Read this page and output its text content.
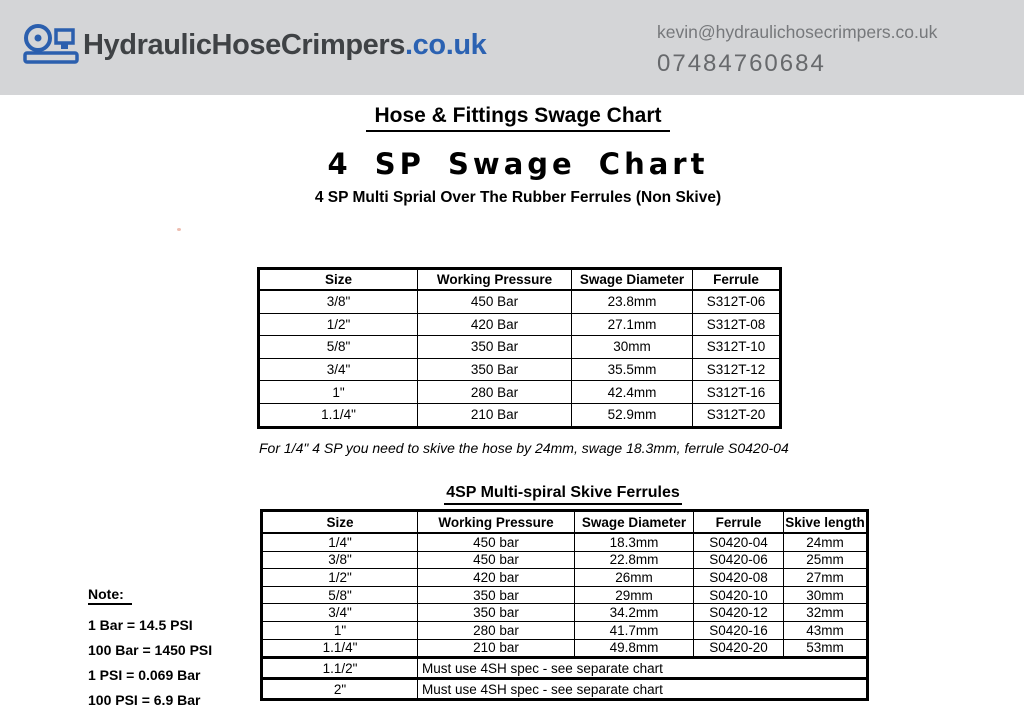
HydraulicHoseCrimpers.co.uk	kevin@hydraulichosecrimpers.co.uk
07484760684
Hose & Fittings Swage Chart
4 SP Swage Chart
4 SP Multi Sprial Over The Rubber Ferrules (Non Skive)
Size	Working Pressure	Swage Diameter	Ferrule
3/8"	450 Bar	23.8mm	S312T-06
1/2"	420 Bar	27.1mm	S312T-08
5/8"	350 Bar	30mm	S312T-10
3/4"	350 Bar	35.5mm	S312T-12
1"	280 Bar	42.4mm	S312T-16
1.1/4"	210 Bar	52.9mm	S312T-20
For 1/4" 4 SP you need to skive the hose by 24mm, swage 18.3mm, ferrule S0420-04
4SP Multi-spiral Skive Ferrules
Size	Working Pressure	Swage Diameter	Ferrule	Skive length
1/4"	450 bar	18.3mm	S0420-04	24mm
3/8"	450 bar	22.8mm	S0420-06	25mm
1/2"	420 bar	26mm	S0420-08	27mm
5/8"	350 bar	29mm	S0420-10	30mm
3/4"	350 bar	34.2mm	S0420-12	32mm
1"	280 bar	41.7mm	S0420-16	43mm
1.1/4"	210 bar	49.8mm	S0420-20	53mm
1.1/2"	Must use 4SH spec - see separate chart			
2"	Must use 4SH spec - see separate chart			
Note:
1 Bar = 14.5 PSI
100 Bar = 1450 PSI
1 PSI = 0.069 Bar
100 PSI = 6.9 Bar
